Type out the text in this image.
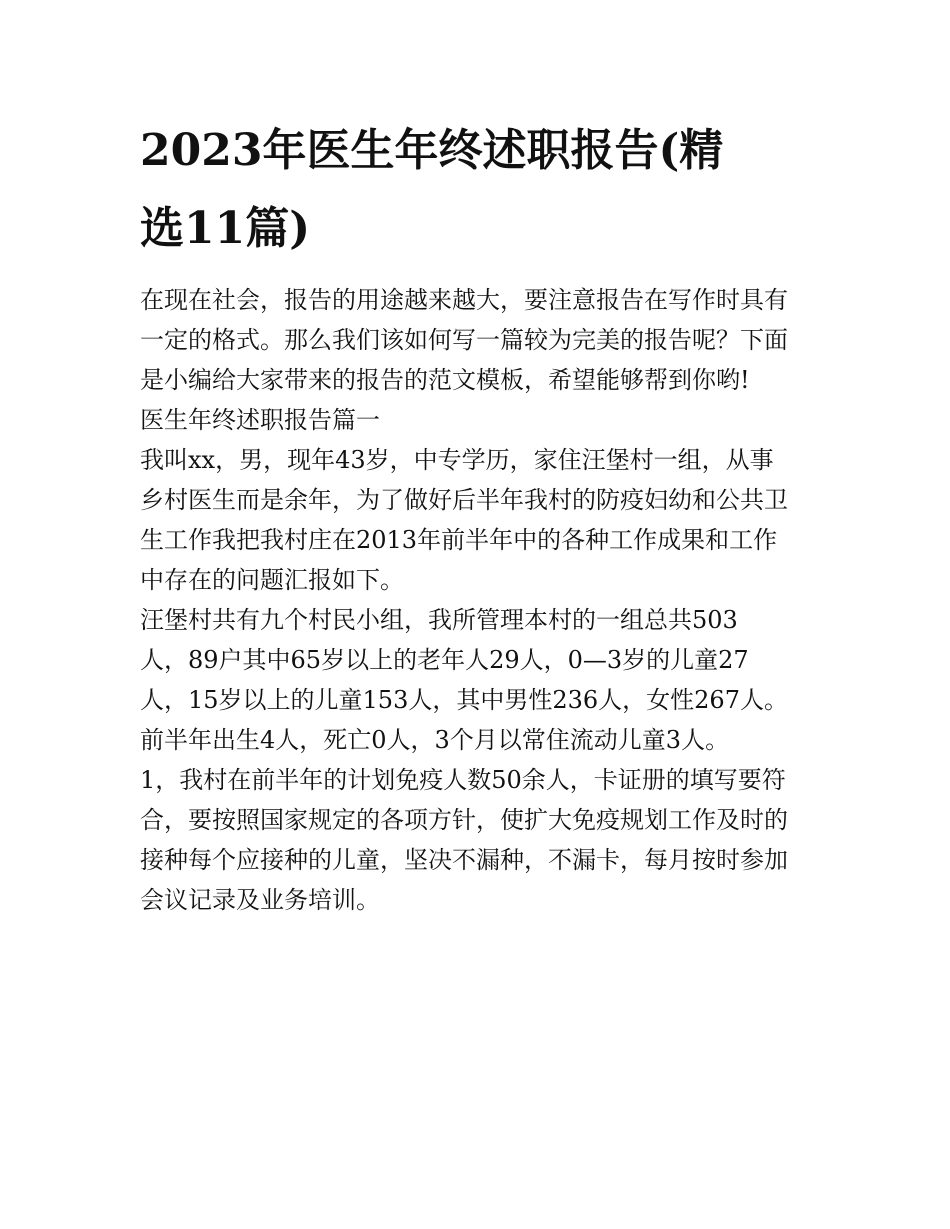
2023年医生年终述职报告(精
选11篇)
在现在社会，报告的用途越来越大，要注意报告在写作时具有
一定的格式。那么我们该如何写一篇较为完美的报告呢？下面
是小编给大家带来的报告的范文模板，希望能够帮到你哟!
医生年终述职报告篇一
我叫xx，男，现年43岁，中专学历，家住汪堡村一组，从事
乡村医生而是余年，为了做好后半年我村的防疫妇幼和公共卫
生工作我把我村庄在2013年前半年中的各种工作成果和工作
中存在的问题汇报如下。
汪堡村共有九个村民小组，我所管理本村的一组总共503
人，89户其中65岁以上的老年人29人，0—3岁的儿童27
人，15岁以上的儿童153人，其中男性236人，女性267人。
前半年出生4人，死亡0人，3个月以常住流动儿童3人。
1，我村在前半年的计划免疫人数50余人，卡证册的填写要符
合，要按照国家规定的各项方针，使扩大免疫规划工作及时的
接种每个应接种的儿童，坚决不漏种，不漏卡，每月按时参加
会议记录及业务培训。
